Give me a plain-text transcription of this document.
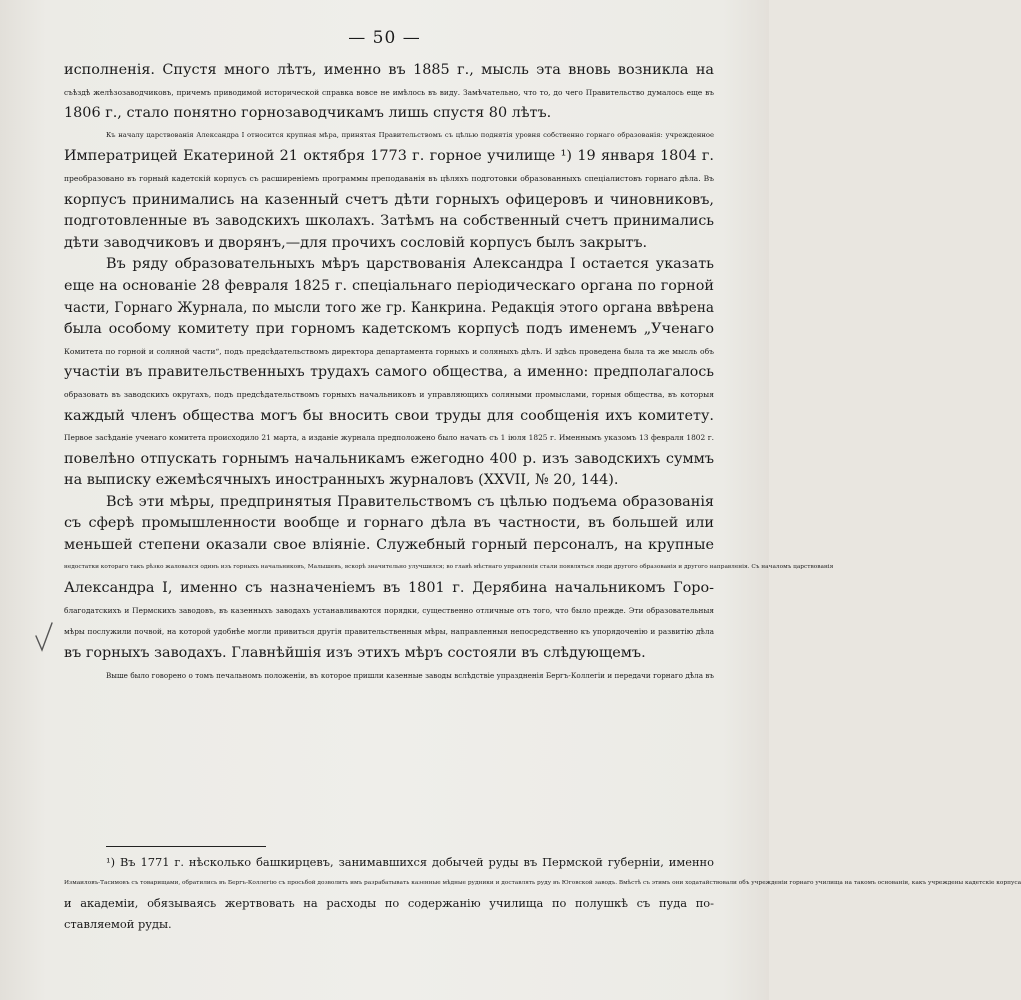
— 50 —
исполненія. Спустя много лѣтъ, именно въ 1885 г., мысль эта вновь возникла на
съѣздѣ желѣзозаводчиковъ, причемъ приводимой исторической справка вовсе не имѣлось въ виду. Замѣчательно, что то, до чего Правительство думалось еще въ
1806 г., стало понятно горнозаводчикамъ лишь спустя 80 лѣтъ.
Къ началу царствованія Александра I относится крупная мѣра, принятая Правительствомъ съ цѣлью поднятія уровня собственно горнаго образованія: учрежденное
Императрицей Екатериной 21 октября 1773 г. горное училище ¹) 19 января 1804 г.
преобразовано въ горный кадетскій корпусъ съ расширеніемъ программы преподаванія въ цѣляхъ подготовки образованныхъ спеціалистовъ горнаго дѣла. Въ
корпусъ принимались на казенный счетъ дѣти горныхъ офицеровъ и чиновниковъ,
подготовленные въ заводскихъ школахъ. Затѣмъ на собственный счетъ принимались
дѣти заводчиковъ и дворянъ,—для прочихъ сословій корпусъ былъ закрытъ.
Въ ряду образовательныхъ мѣръ царствованія Александра I остается указать
еще на основаніе 28 февраля 1825 г. спеціальнаго періодическаго органа по горной
части, Горнаго Журнала, по мысли того же гр. Канкрина. Редакція этого органа ввѣрена
была особому комитету при горномъ кадетскомъ корпусѣ подъ именемъ „Ученаго
Комитета по горной и соляной части“, подъ предсѣдательствомъ директора департамента горныхъ и соляныхъ дѣлъ. И здѣсь проведена была та же мысль объ
участіи въ правительственныхъ трудахъ самого общества, а именно: предполагалось
образовать въ заводскихъ округахъ, подъ предсѣдательствомъ горныхъ начальниковъ и управляющихъ соляными промыслами, горныя общества, въ которыя
каждый членъ общества могъ бы вносить свои труды для сообщенія ихъ комитету.
Первое засѣданіе ученаго комитета происходило 21 марта, а изданіе журнала предположено было начать съ 1 іюля 1825 г. Именнымъ указомъ 13 февраля 1802 г.
повелѣно отпускать горнымъ начальникамъ ежегодно 400 р. изъ заводскихъ суммъ
на выписку ежемѣсячныхъ иностранныхъ журналовъ (XXVII, № 20, 144).
Всѣ эти мѣры, предпринятыя Правительствомъ съ цѣлью подъема образованія
съ сферѣ промышленности вообще и горнаго дѣла въ частности, въ большей или
меньшей степени оказали свое вліяніе. Служебный горный персоналъ, на крупные
недостатки котораго такъ рѣзко жаловался одинъ изъ горныхъ начальниковъ, Малышевъ, вскорѣ значительно улучшился; во главѣ мѣстнаго управленія стали появляться люди другого образованія и другого направленія. Съ началомъ царствованія
Александра I, именно съ назначеніемъ въ 1801 г. Дерябина начальникомъ Горо-
благодатскихъ и Пермскихъ заводовъ, въ казенныхъ заводахъ устанавливаются порядки, существенно отличные отъ того, что было прежде. Эти образовательныя
мѣры послужили почвой, на которой удобнѣе могли привиться другія правительственныя мѣры, направленныя непосредственно къ упорядоченію и развитію дѣла
въ горныхъ заводахъ. Главнѣйшія изъ этихъ мѣръ состояли въ слѣдующемъ.
Выше было говорено о томъ печальномъ положеніи, въ которое пришли казенные заводы вслѣдствіе упраздненія Бергъ-Коллегіи и передачи горнаго дѣла въ
¹) Въ 1771 г. нѣсколько башкирцевъ, занимавшихся добычей руды въ Пермской губерніи, именно
Измаиловъ-Тасимовъ съ товарищами, обратились въ Бергъ-Коллегію съ просьбой дозволить имъ разрабатывать казенные мѣдные рудники и доставлять руду въ Юговской заводъ. Вмѣстѣ съ этимъ они ходатайствовали объ учрежденіи горнаго училища на такомъ основаніи, какъ учреждены кадетскіе корпуса
и академіи, обязываясь жертвовать на расходы по содержанію училища по полушкѣ съ пуда по-
ставляемой руды.
